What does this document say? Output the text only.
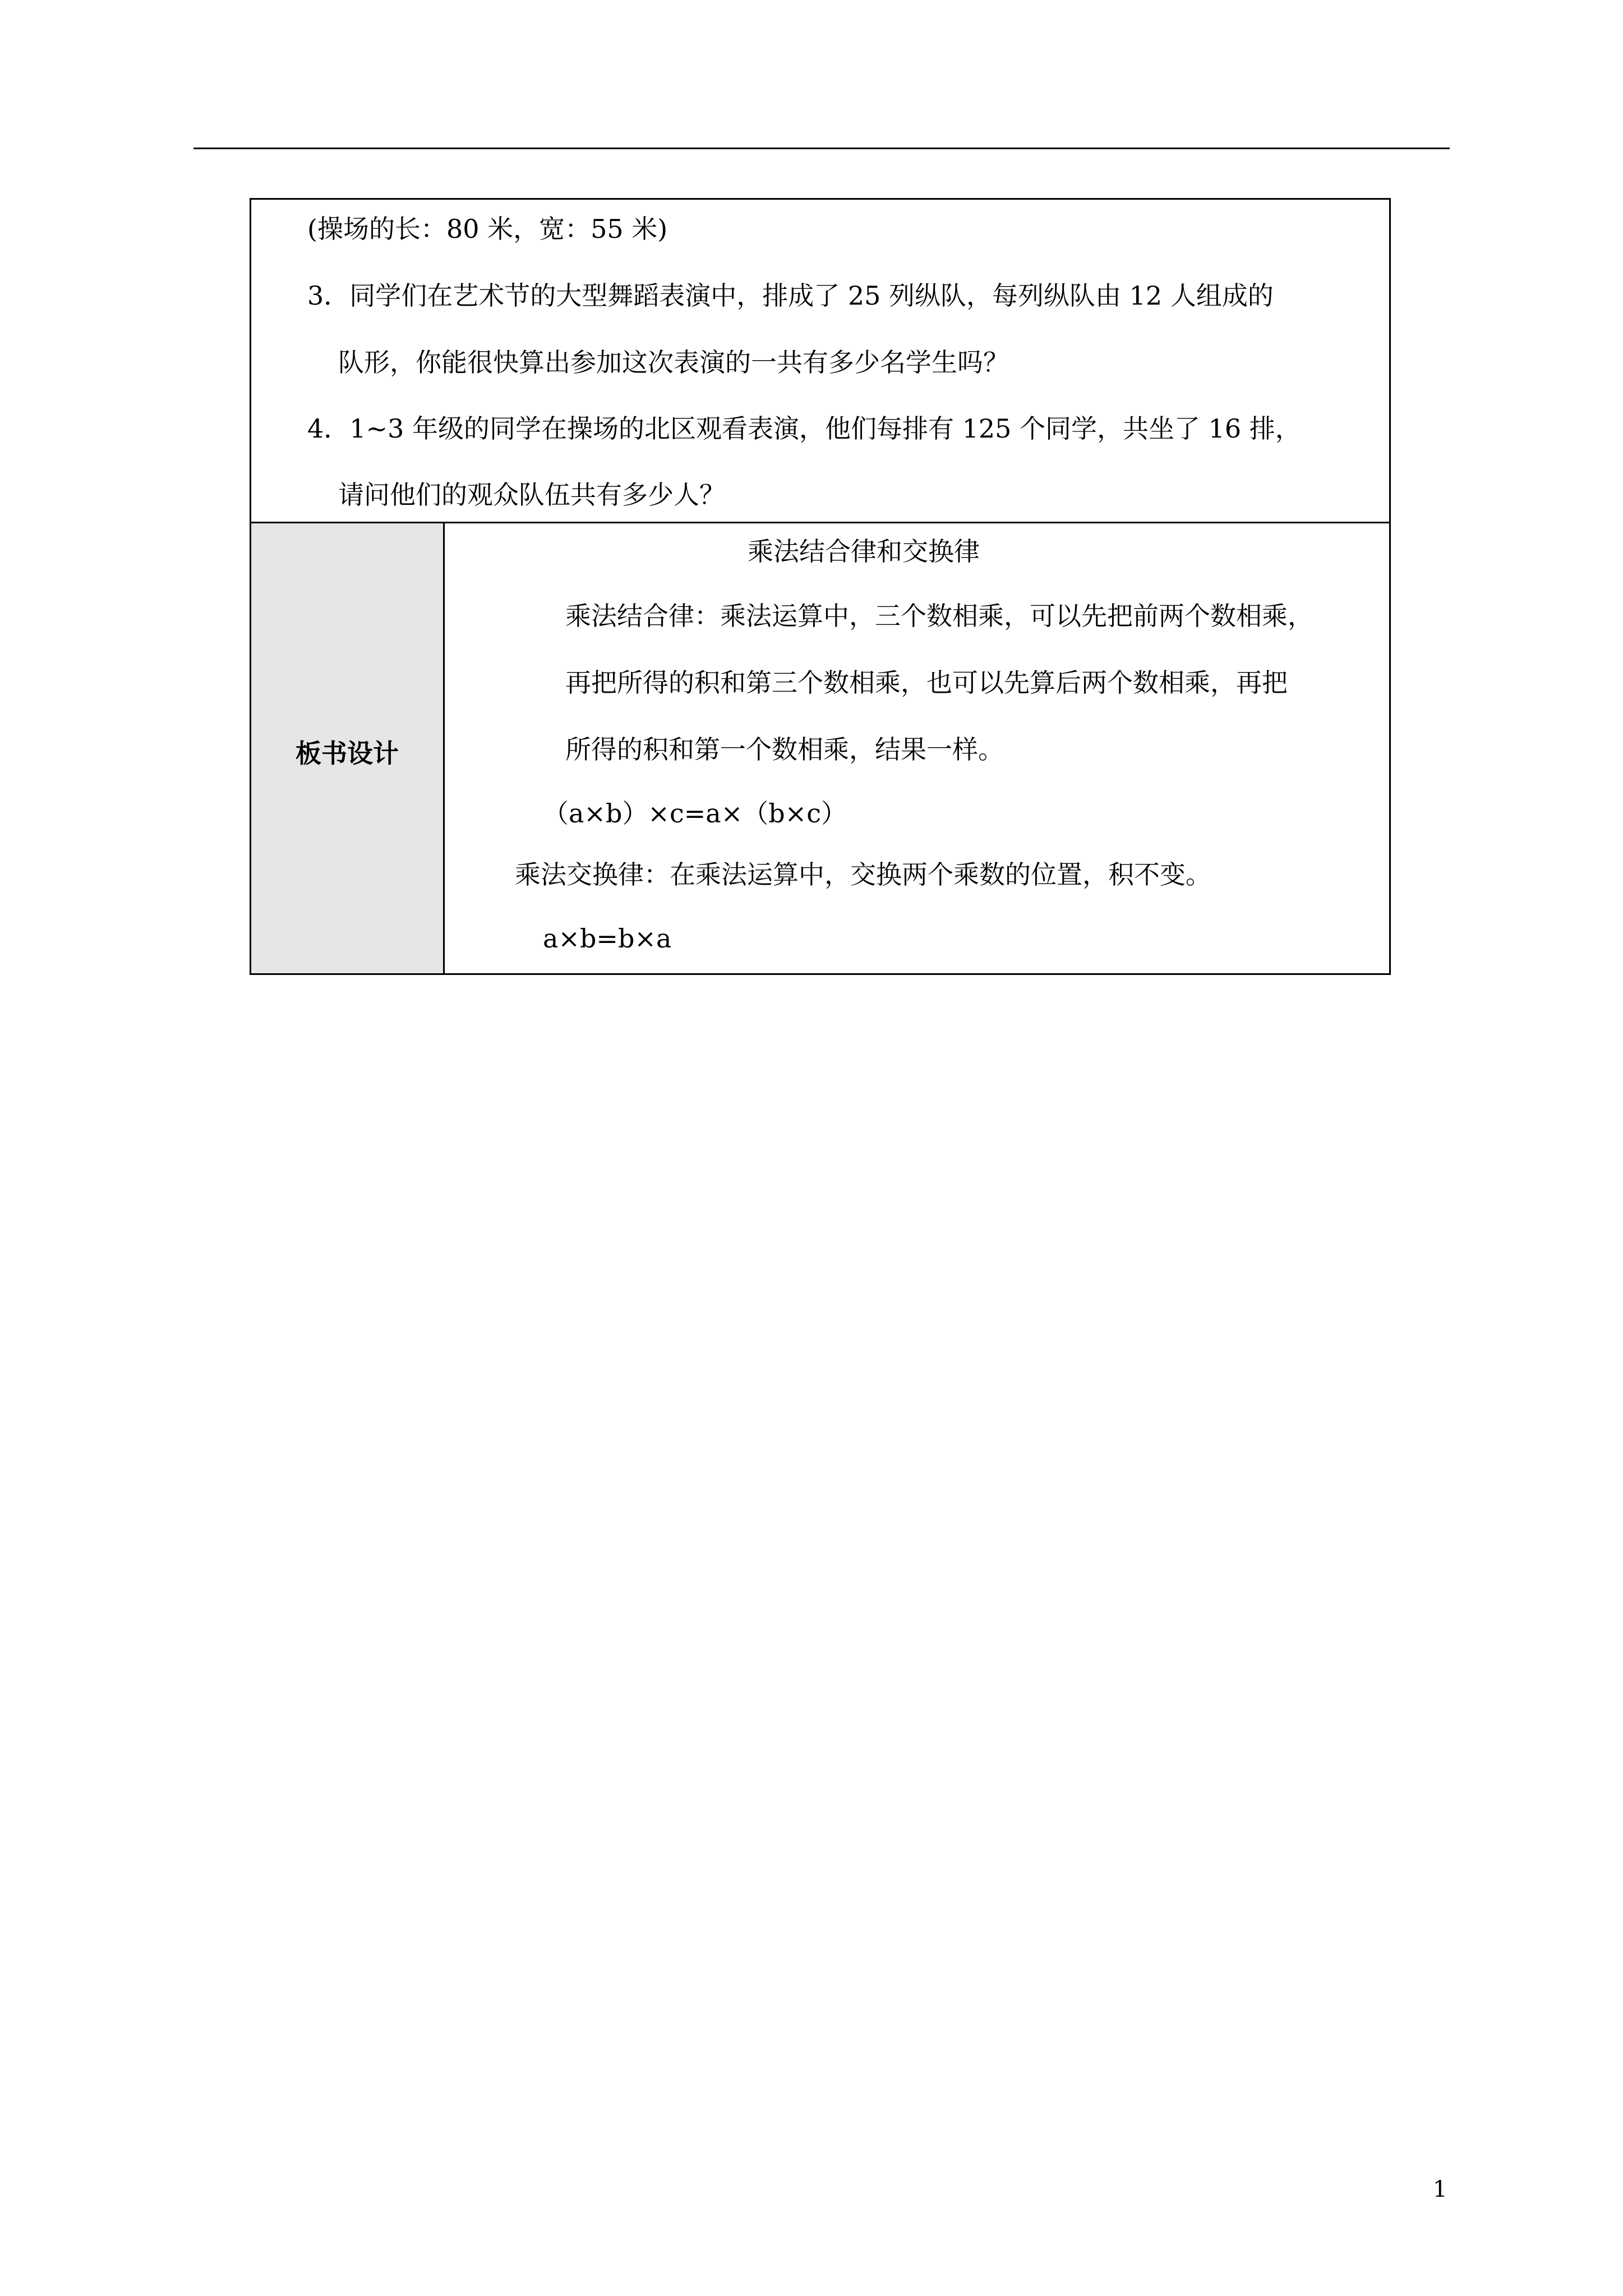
(操场的长：80 米，宽：55 米)
3．同学们在艺术节的大型舞蹈表演中，排成了 25 列纵队，每列纵队由 12 人组成的
队形，你能很快算出参加这次表演的一共有多少名学生吗？
4．1~3 年级的同学在操场的北区观看表演，他们每排有 125 个同学，共坐了 16 排，
请问他们的观众队伍共有多少人？
板书设计
乘法结合律和交换律
乘法结合律：乘法运算中，三个数相乘，可以先把前两个数相乘，
再把所得的积和第三个数相乘，也可以先算后两个数相乘，再把
所得的积和第一个数相乘，结果一样。
（a×b）×c=a×（b×c）
乘法交换律：在乘法运算中，交换两个乘数的位置，积不变。
a×b=b×a
1
